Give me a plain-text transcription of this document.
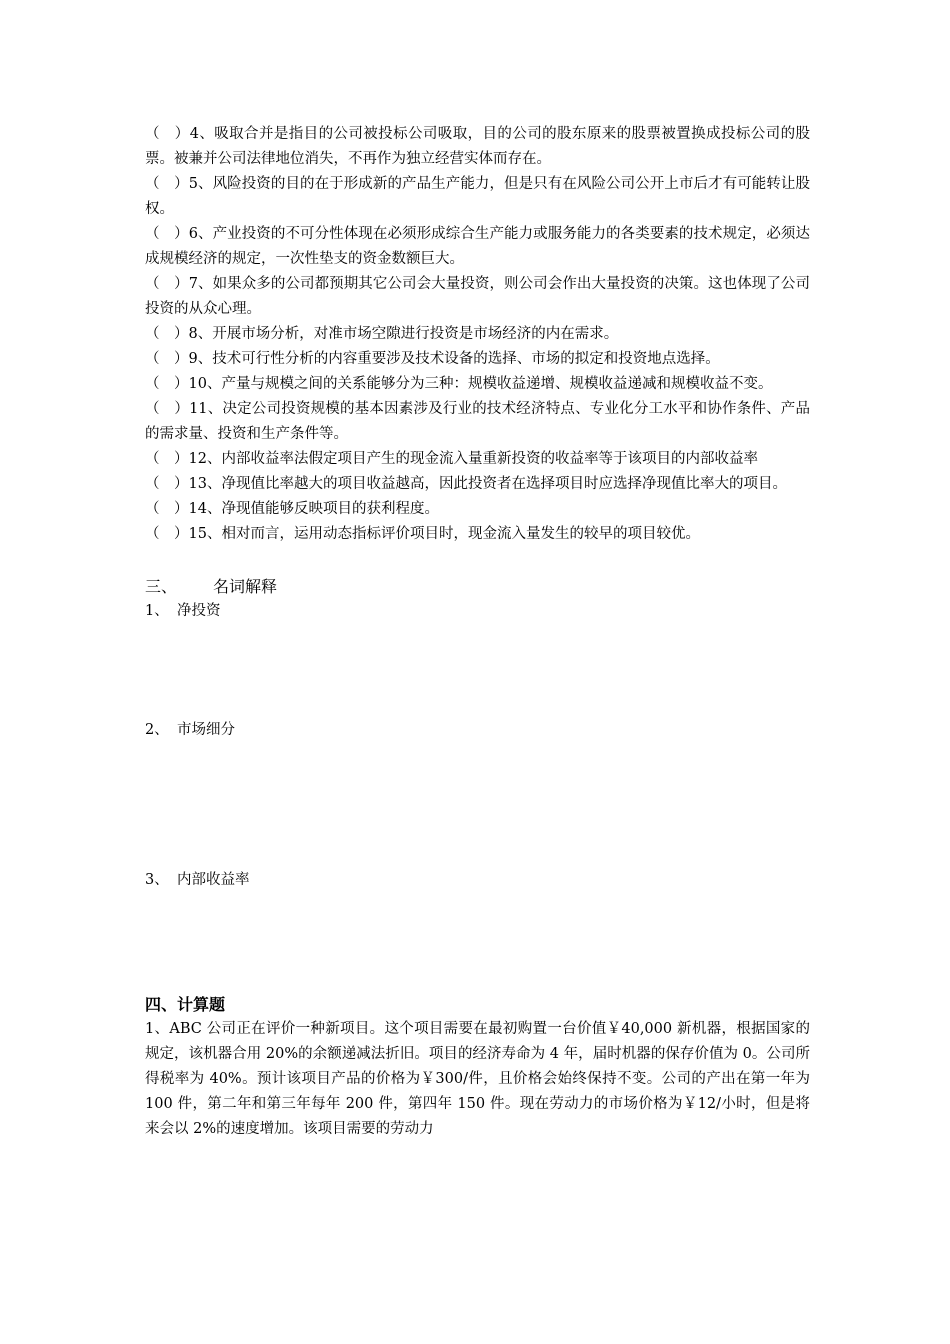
（　）4、吸取合并是指目的公司被投标公司吸取，目的公司的股东原来的股票被置换成投标公司的股票。被兼并公司法律地位消失，不再作为独立经营实体而存在。

（　）5、风险投资的目的在于形成新的产品生产能力，但是只有在风险公司公开上市后才有可能转让股权。

（　）6、产业投资的不可分性体现在必须形成综合生产能力或服务能力的各类要素的技术规定，必须达成规模经济的规定，一次性垫支的资金数额巨大。

（　）7、如果众多的公司都预期其它公司会大量投资，则公司会作出大量投资的决策。这也体现了公司投资的从众心理。

（　）8、开展市场分析，对准市场空隙进行投资是市场经济的内在需求。

（　）9、技术可行性分析的内容重要涉及技术设备的选择、市场的拟定和投资地点选择。

（　）10、产量与规模之间的关系能够分为三种：规模收益递增、规模收益递减和规模收益不变。

（　）11、决定公司投资规模的基本因素涉及行业的技术经济特点、专业化分工水平和协作条件、产品的需求量、投资和生产条件等。

（　）12、内部收益率法假定项目产生的现金流入量重新投资的收益率等于该项目的内部收益率

（　）13、净现值比率越大的项目收益越高，因此投资者在选择项目时应选择净现值比率大的项目。

（　）14、净现值能够反映项目的获利程度。

（　）15、相对而言，运用动态指标评价项目时，现金流入量发生的较早的项目较优。

三、 名词解释
1、 净投资
2、 市场细分
3、 内部收益率
四、计算题

1、ABC 公司正在评价一种新项目。这个项目需要在最初购置一台价值￥40,000 新机器，根据国家的规定，该机器合用 20%的余额递减法折旧。项目的经济寿命为 4 年，届时机器的保存价值为 0。公司所得税率为 40%。预计该项目产品的价格为￥300/件，且价格会始终保持不变。公司的产出在第一年为 100 件，第二年和第三年每年 200 件，第四年 150 件。现在劳动力的市场价格为￥12/小时，但是将来会以 2%的速度增加。该项目需要的劳动力
